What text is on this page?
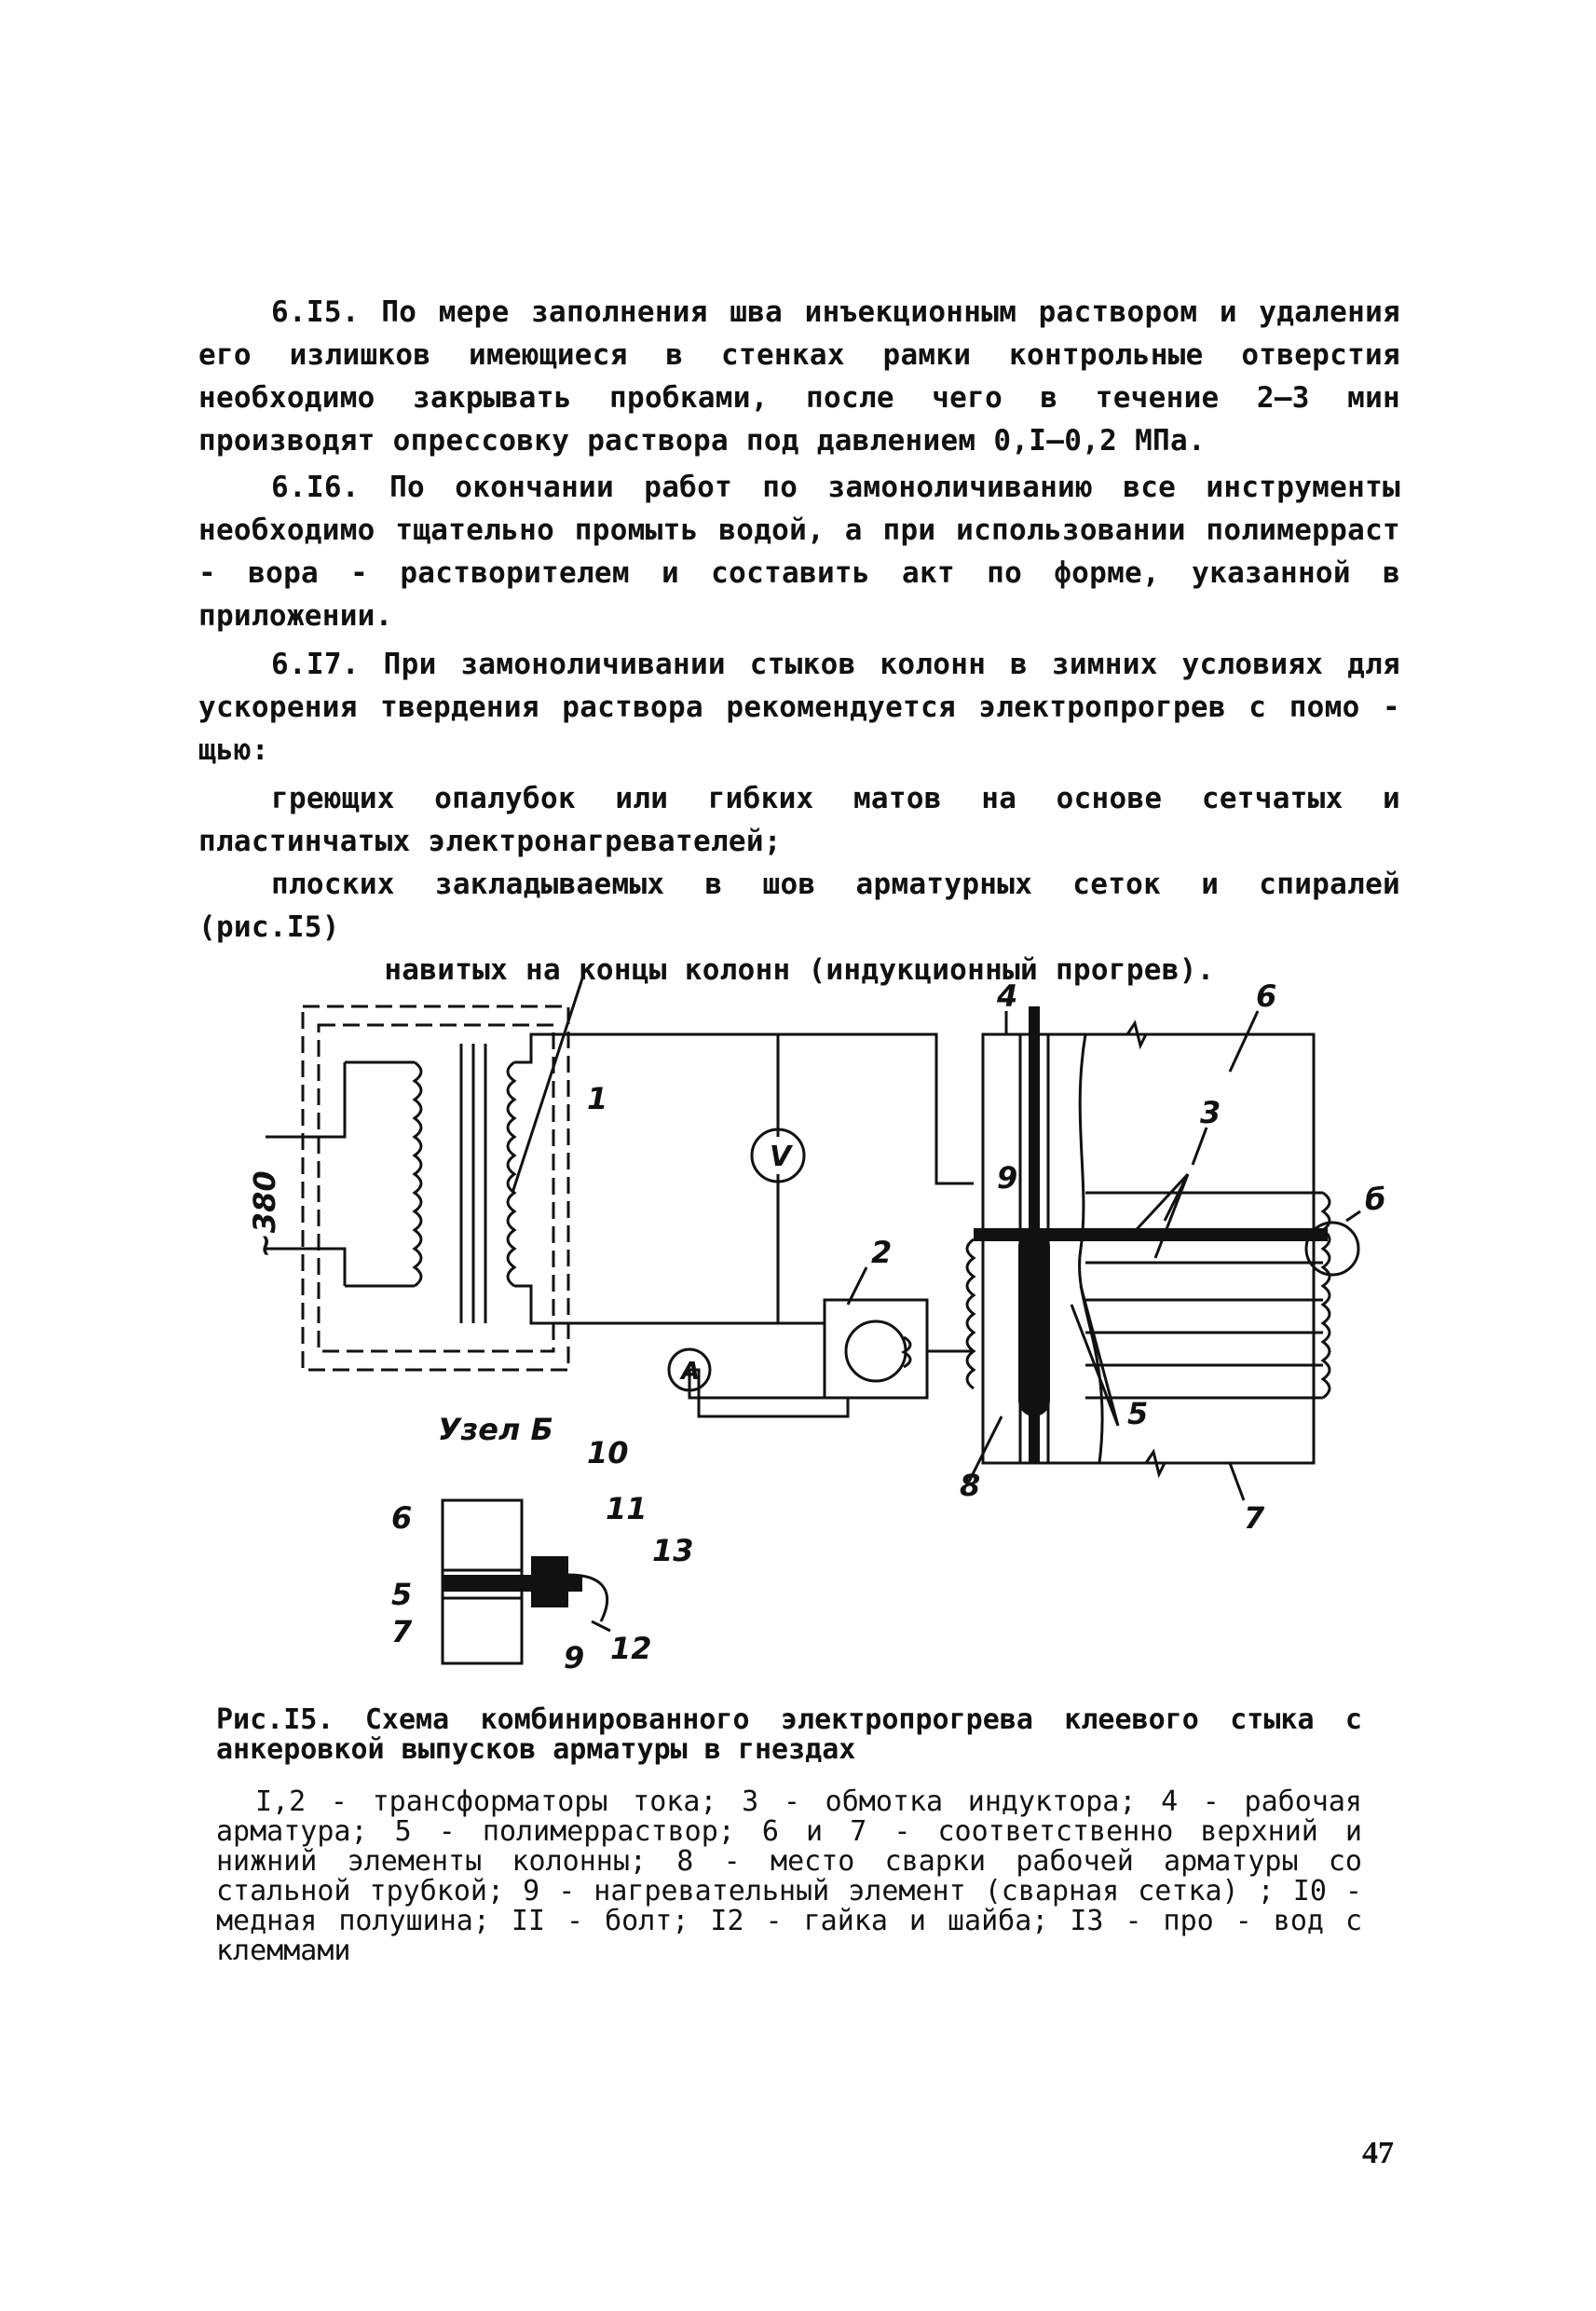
6.I5. По мере заполнения шва инъекционным раствором и удаления его излишков имеющиеся в стенках рамки контрольные отверстия необходимо закрывать пробками, после чего в течение 2–3 мин производят опрессовку раствора под давлением 0,I–0,2 МПа.

6.I6. По окончании работ по замоноличиванию все инструменты необходимо тщательно промыть водой, а при использовании полимерраст - вора - растворителем и составить акт по форме, указанной в приложении.

6.I7. При замоноличивании стыков колонн в зимних условиях для ускорения твердения раствора рекомендуется электропрогрев с помо - щью:

греющих опалубок или гибких матов на основе сетчатых и пластинчатых электронагревателей;

плоских закладываемых в шов арматурных сеток и спиралей (рис.I5)

навитых на концы колонн (индукционный прогрев).

~380
V
A
1
2
3
4
5
6
7
8
9
б
Узел Б
6
5
7
9
10
11
12
13

Рис.I5. Схема комбинированного электропрогрева клеевого стыка с анкеровкой выпусков арматуры в гнездах

I,2 - трансформаторы тока; 3 - обмотка индуктора; 4 - рабочая арматура; 5 - полимерраствор; 6 и 7 - соответственно верхний и нижний элементы колонны; 8 - место сварки рабочей арматуры со стальной трубкой; 9 - нагревательный элемент (сварная сетка) ; I0 - медная полушина; II - болт; I2 - гайка и шайба; I3 - про - вод с клеммами

47
